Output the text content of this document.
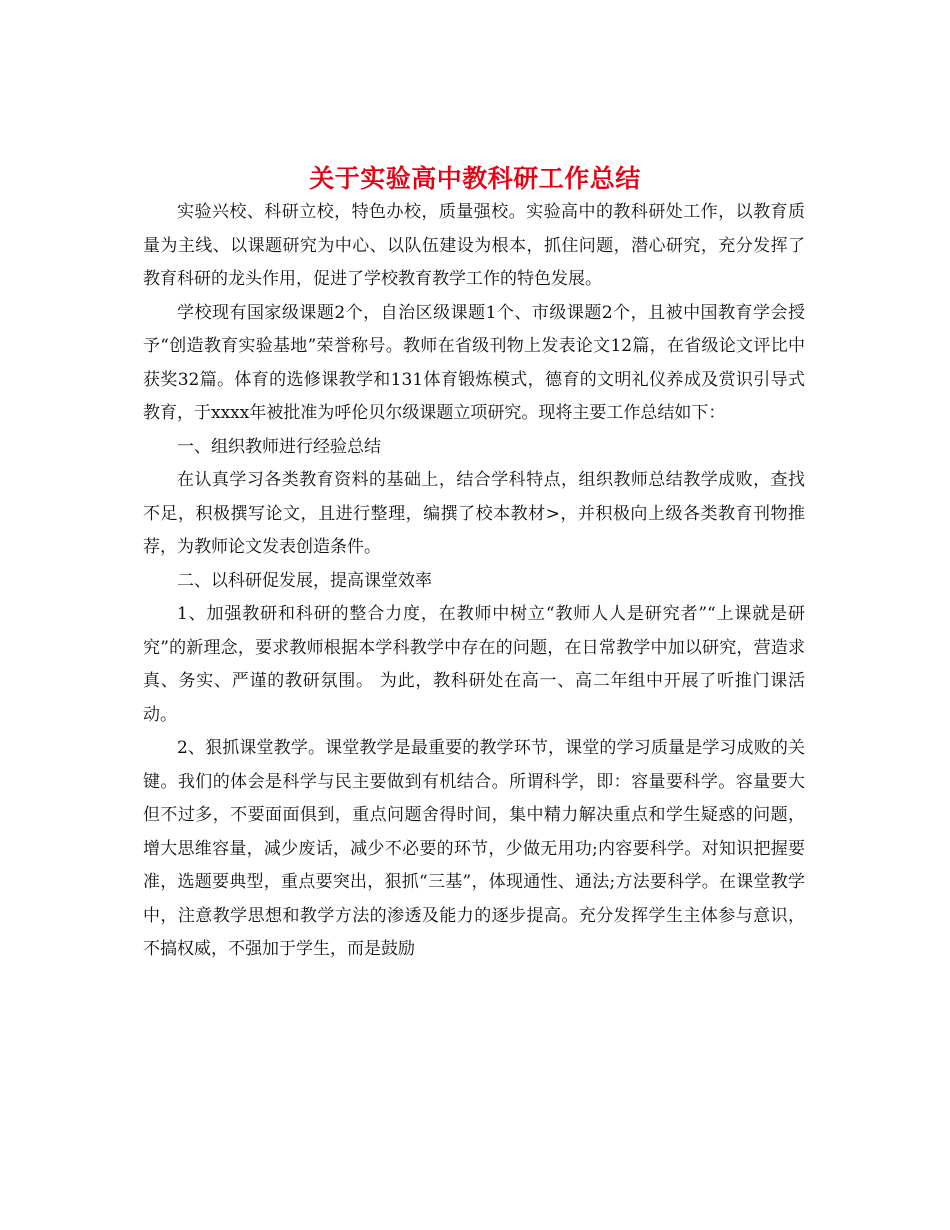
关于实验高中教科研工作总结

实验兴校、科研立校，特色办校，质量强校。实验高中的教科研处工作，以教育质量为主线、以课题研究为中心、以队伍建设为根本，抓住问题，潜心研究，充分发挥了教育科研的龙头作用，促进了学校教育教学工作的特色发展。

学校现有国家级课题2个，自治区级课题1个、市级课题2个，且被中国教育学会授予“创造教育实验基地”荣誉称号。教师在省级刊物上发表论文12篇，在省级论文评比中获奖32篇。体育的选修课教学和131体育锻炼模式，德育的文明礼仪养成及赏识引导式教育，于xxxx年被批准为呼伦贝尔级课题立项研究。现将主要工作总结如下：

一、组织教师进行经验总结

在认真学习各类教育资料的基础上，结合学科特点，组织教师总结教学成败，查找不足，积极撰写论文，且进行整理，编撰了校本教材>，并积极向上级各类教育刊物推荐，为教师论文发表创造条件。

二、以科研促发展，提高课堂效率

1、加强教研和科研的整合力度，在教师中树立“教师人人是研究者”“上课就是研究”的新理念，要求教师根据本学科教学中存在的问题，在日常教学中加以研究，营造求真、务实、严谨的教研氛围。 为此，教科研处在高一、高二年组中开展了听推门课活动。

2、狠抓课堂教学。课堂教学是最重要的教学环节，课堂的学习质量是学习成败的关键。我们的体会是科学与民主要做到有机结合。所谓科学，即：容量要科学。容量要大但不过多，不要面面俱到，重点问题舍得时间，集中精力解决重点和学生疑惑的问题，增大思维容量，减少废话，减少不必要的环节，少做无用功;内容要科学。对知识把握要准，选题要典型，重点要突出，狠抓“三基”，体现通性、通法;方法要科学。在课堂教学中，注意教学思想和教学方法的渗透及能力的逐步提高。充分发挥学生主体参与意识，不搞权威，不强加于学生，而是鼓励
